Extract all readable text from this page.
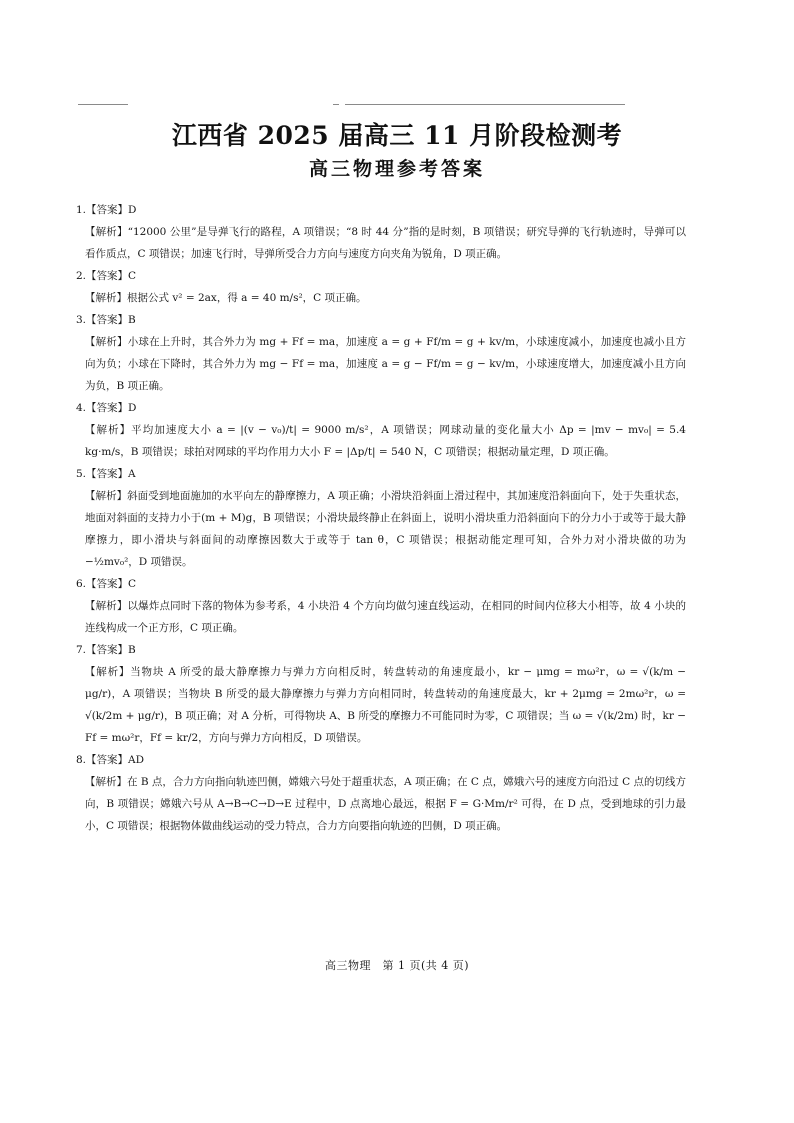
江西省 2025 届高三 11 月阶段检测考
高三物理参考答案
1.【答案】D
【解析】“12000 公里”是导弹飞行的路程，A 项错误；“8 时 44 分”指的是时刻，B 项错误；研究导弹的飞行轨迹时，导弹可以看作质点，C 项错误；加速飞行时，导弹所受合力方向与速度方向夹角为锐角，D 项正确。
2.【答案】C
【解析】根据公式 v² = 2ax，得 a = 40 m/s²，C 项正确。
3.【答案】B
【解析】小球在上升时，其合外力为 mg + Ff = ma，加速度 a = g + Ff/m = g + kv/m，小球速度减小，加速度也减小且方向为负；小球在下降时，其合外力为 mg − Ff = ma，加速度 a = g − Ff/m = g − kv/m，小球速度增大，加速度减小且方向为负，B 项正确。
4.【答案】D
【解析】平均加速度大小 a = |(v − v₀)/t| = 9000 m/s²，A 项错误；网球动量的变化量大小 Δp = |mv − mv₀| = 5.4 kg·m/s，B 项错误；球拍对网球的平均作用力大小 F = |Δp/t| = 540 N，C 项错误；根据动量定理，D 项正确。
5.【答案】A
【解析】斜面受到地面施加的水平向左的静摩擦力，A 项正确；小滑块沿斜面上滑过程中，其加速度沿斜面向下，处于失重状态，地面对斜面的支持力小于(m + M)g，B 项错误；小滑块最终静止在斜面上，说明小滑块重力沿斜面向下的分力小于或等于最大静摩擦力，即小滑块与斜面间的动摩擦因数大于或等于 tan θ，C 项错误；根据动能定理可知，合外力对小滑块做的功为 −½mv₀²，D 项错误。
6.【答案】C
【解析】以爆炸点同时下落的物体为参考系，4 小块沿 4 个方向均做匀速直线运动，在相同的时间内位移大小相等，故 4 小块的连线构成一个正方形，C 项正确。
7.【答案】B
【解析】当物块 A 所受的最大静摩擦力与弹力方向相反时，转盘转动的角速度最小，kr − μmg = mω²r，ω = √(k/m − μg/r)，A 项错误；当物块 B 所受的最大静摩擦力与弹力方向相同时，转盘转动的角速度最大，kr + 2μmg = 2mω²r，ω = √(k/2m + μg/r)，B 项正确；对 A 分析，可得物块 A、B 所受的摩擦力不可能同时为零，C 项错误；当 ω = √(k/2m) 时，kr − Ff = mω²r，Ff = kr/2，方向与弹力方向相反，D 项错误。
8.【答案】AD
【解析】在 B 点，合力方向指向轨迹凹侧，嫦娥六号处于超重状态，A 项正确；在 C 点，嫦娥六号的速度方向沿过 C 点的切线方向，B 项错误；嫦娥六号从 A→B→C→D→E 过程中，D 点离地心最远，根据 F = G·Mm/r² 可得，在 D 点，受到地球的引力最小，C 项错误；根据物体做曲线运动的受力特点，合力方向要指向轨迹的凹侧，D 项正确。
高三物理　第 1 页(共 4 页)
